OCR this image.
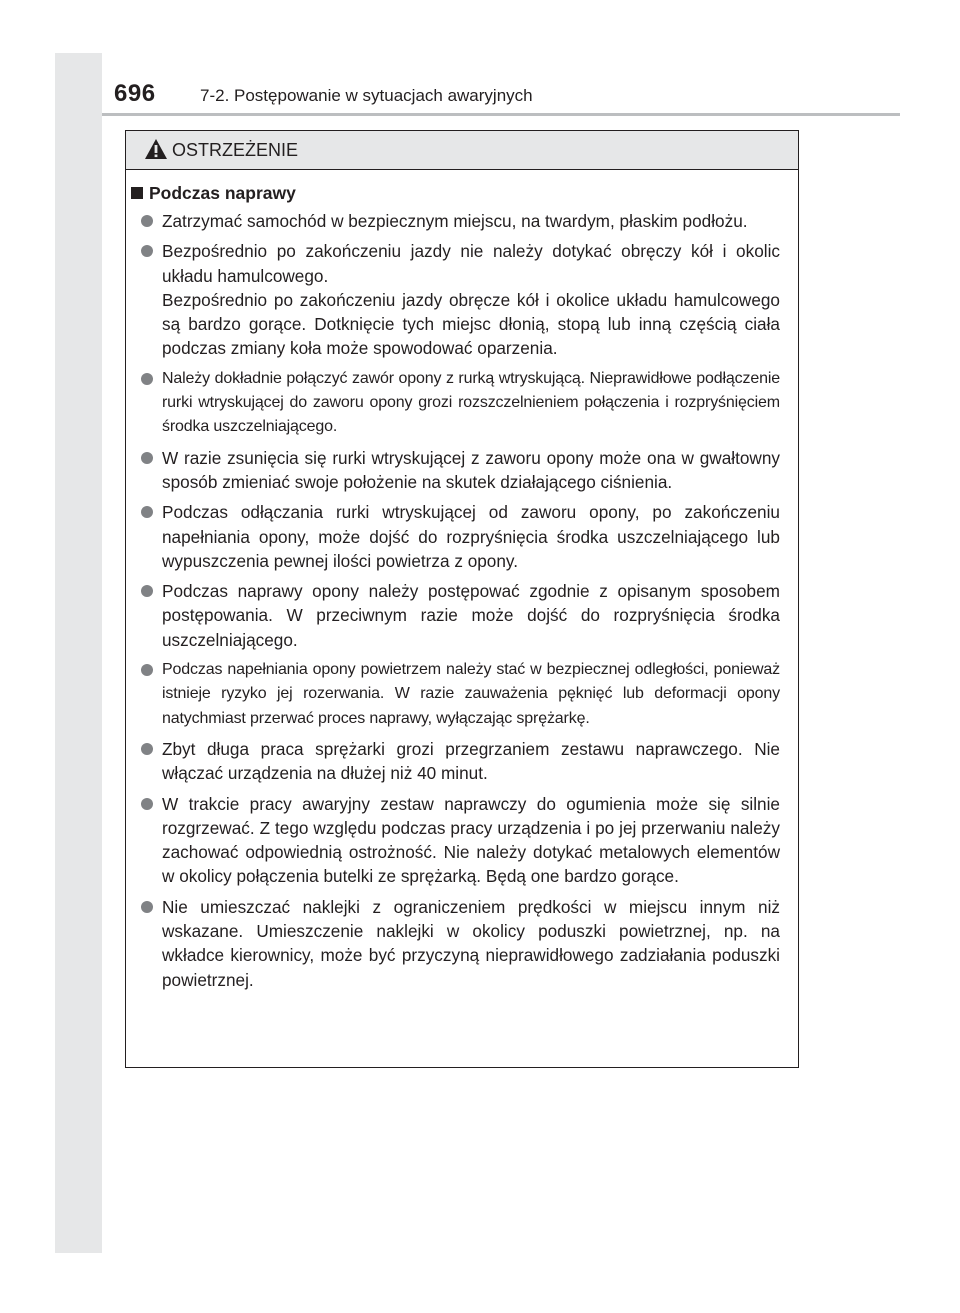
696	7-2. Postępowanie w sytuacjach awaryjnych
OSTRZEŻENIE
Podczas naprawy

Zatrzymać samochód w bezpiecznym miejscu, na twardym, płaskim podłożu.

Bezpośrednio po zakończeniu jazdy nie należy dotykać obręczy kół i okolic układu hamulcowego.

Bezpośrednio po zakończeniu jazdy obręcze kół i okolice układu hamulcowego są bardzo gorące. Dotknięcie tych miejsc dłonią, stopą lub inną częścią ciała podczas zmiany koła może spowodować oparzenia.

Należy dokładnie połączyć zawór opony z rurką wtryskującą. Nieprawidłowe podłączenie rurki wtryskującej do zaworu opony grozi rozszczelnieniem połączenia i rozpryśnięciem środka uszczelniającego.

W razie zsunięcia się rurki wtryskującej z zaworu opony może ona w gwałtowny sposób zmieniać swoje położenie na skutek działającego ciśnienia.

Podczas odłączania rurki wtryskującej od zaworu opony, po zakończeniu napełniania opony, może dojść do rozpryśnięcia środka uszczelniającego lub wypuszczenia pewnej ilości powietrza z opony.

Podczas naprawy opony należy postępować zgodnie z opisanym sposobem postępowania. W przeciwnym razie może dojść do rozpryśnięcia środka uszczelniającego.

Podczas napełniania opony powietrzem należy stać w bezpiecznej odległości, ponieważ istnieje ryzyko jej rozerwania. W razie zauważenia pęknięć lub deformacji opony natychmiast przerwać proces naprawy, wyłączając sprężarkę.

Zbyt długa praca sprężarki grozi przegrzaniem zestawu naprawczego. Nie włączać urządzenia na dłużej niż 40 minut.

W trakcie pracy awaryjny zestaw naprawczy do ogumienia może się silnie rozgrzewać. Z tego względu podczas pracy urządzenia i po jej przerwaniu należy zachować odpowiednią ostrożność. Nie należy dotykać metalowych elementów w okolicy połączenia butelki ze sprężarką. Będą one bardzo gorące.

Nie umieszczać naklejki z ograniczeniem prędkości w miejscu innym niż wskazane. Umieszczenie naklejki w okolicy poduszki powietrznej, np. na wkładce kierownicy, może być przyczyną nieprawidłowego zadziałania poduszki powietrznej.
